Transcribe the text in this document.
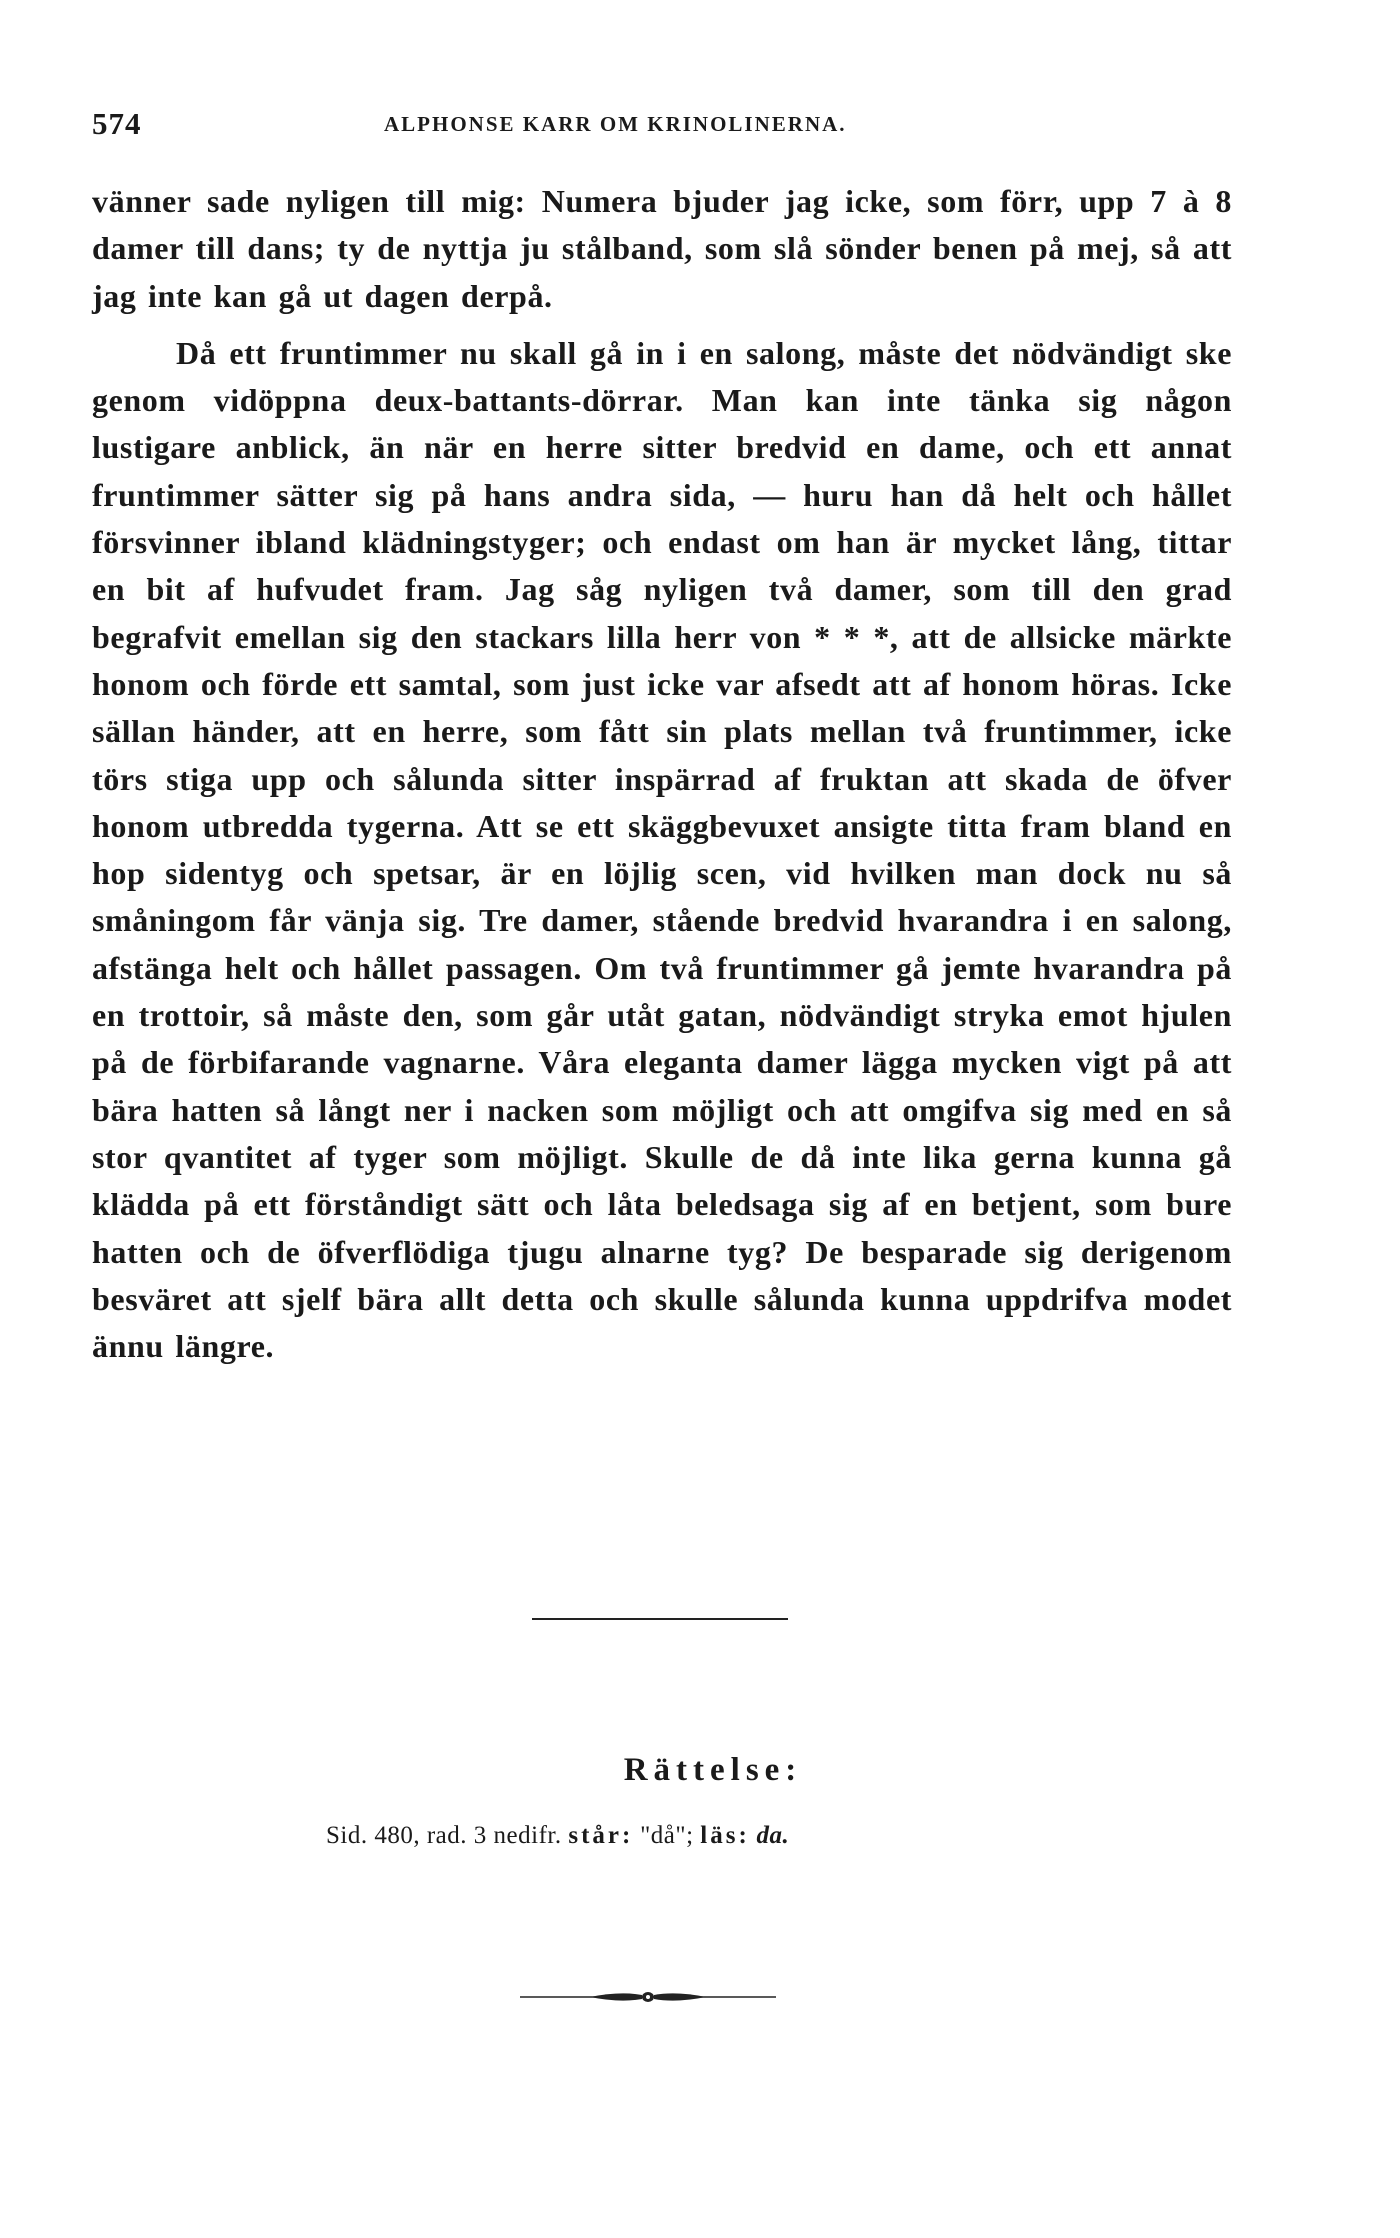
574	ALPHONSE KARR OM KRINOLINERNA.

vänner sade nyligen till mig: Numera bjuder jag icke, som förr, upp 7 à 8 damer till dans; ty de nyttja ju stålband, som slå sönder benen på mej, så att jag inte kan gå ut dagen derpå.

Då ett fruntimmer nu skall gå in i en salong, måste det nödvändigt ske genom vidöppna deux-battants-dörrar. Man kan inte tänka sig någon lustigare anblick, än när en herre sitter bredvid en dame, och ett annat fruntimmer sätter sig på hans andra sida, — huru han då helt och hållet försvinner ibland klädningstyger; och endast om han är mycket lång, tittar en bit af hufvudet fram. Jag såg nyligen två damer, som till den grad begrafvit emellan sig den stackars lilla herr von * * *, att de allsicke märkte honom och förde ett samtal, som just icke var afsedt att af honom höras. Icke sällan händer, att en herre, som fått sin plats mellan två fruntimmer, icke törs stiga upp och sålunda sitter inspärrad af fruktan att skada de öfver honom utbredda tygerna. Att se ett skäggbevuxet ansigte titta fram bland en hop sidentyg och spetsar, är en löjlig scen, vid hvilken man dock nu så småningom får vänja sig. Tre damer, stående bredvid hvarandra i en salong, afstänga helt och hållet passagen. Om två fruntimmer gå jemte hvarandra på en trottoir, så måste den, som går utåt gatan, nödvändigt stryka emot hjulen på de förbifarande vagnarne. Våra eleganta damer lägga mycken vigt på att bära hatten så långt ner i nacken som möjligt och att omgifva sig med en så stor qvantitet af tyger som möjligt. Skulle de då inte lika gerna kunna gå klädda på ett förståndigt sätt och låta beledsaga sig af en betjent, som bure hatten och de öfverflödiga tjugu alnarne tyg? De besparade sig derigenom besväret att sjelf bära allt detta och skulle sålunda kunna uppdrifva modet ännu längre.

Rättelse:
Sid. 480, rad. 3 nedifr. står: "då"; läs: da.
